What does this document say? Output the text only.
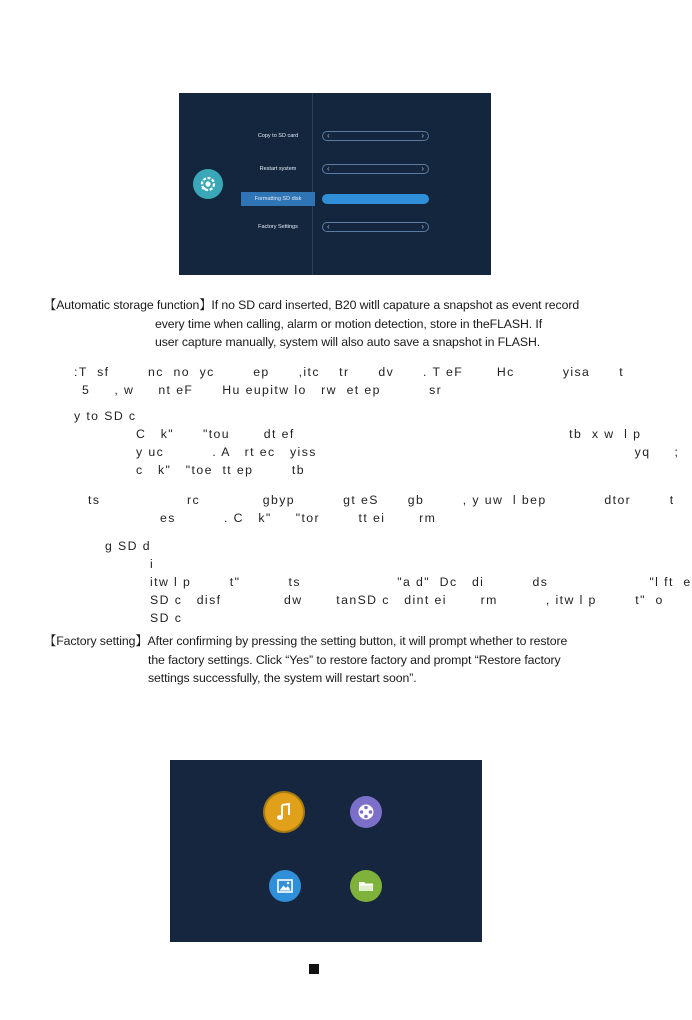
Copy to SD card
Restart system
Formatting SD disk
Factory Settings
‹	›
‹	›
‹	›
【Automatic storage function】If no SD card inserted, B20 witll capature a snapshot as event record
every time when calling, alarm or motion detection, store in theFLASH. If
user capture manually, system will also auto save a snapshot in FLASH.
:T  sf        nc  no  yc        ep      ,itc    tr      dv      . T eF       Hc          yisa      t
5     , w     nt eF      Hu eupitw lo   rw  et ep          sr
y to SD c
C   k"      "tou       dt ef                                                         tb  x w  l p
y uc          . A   rt ec   yiss                                                                  yq     ;
c   k"   "toe  tt ep        tb
ts                  rc             gbyp          gt eS      gb        , y uw  l bep            dtor        t
es          . C   k"     "tor        tt ei       rm
g SD d
i
itw l p        t"          ts                    "a d"  Dc   di          ds                     "l ft  e
SD c   disf             dw       tanSD c   dint ei       rm          , itw l p        t"  o
SD c
【Factory setting】After confirming by pressing the setting button, it will prompt whether to restore
the factory settings. Click “Yes” to restore factory and prompt “Restore factory
settings successfully, the system will restart soon”.
